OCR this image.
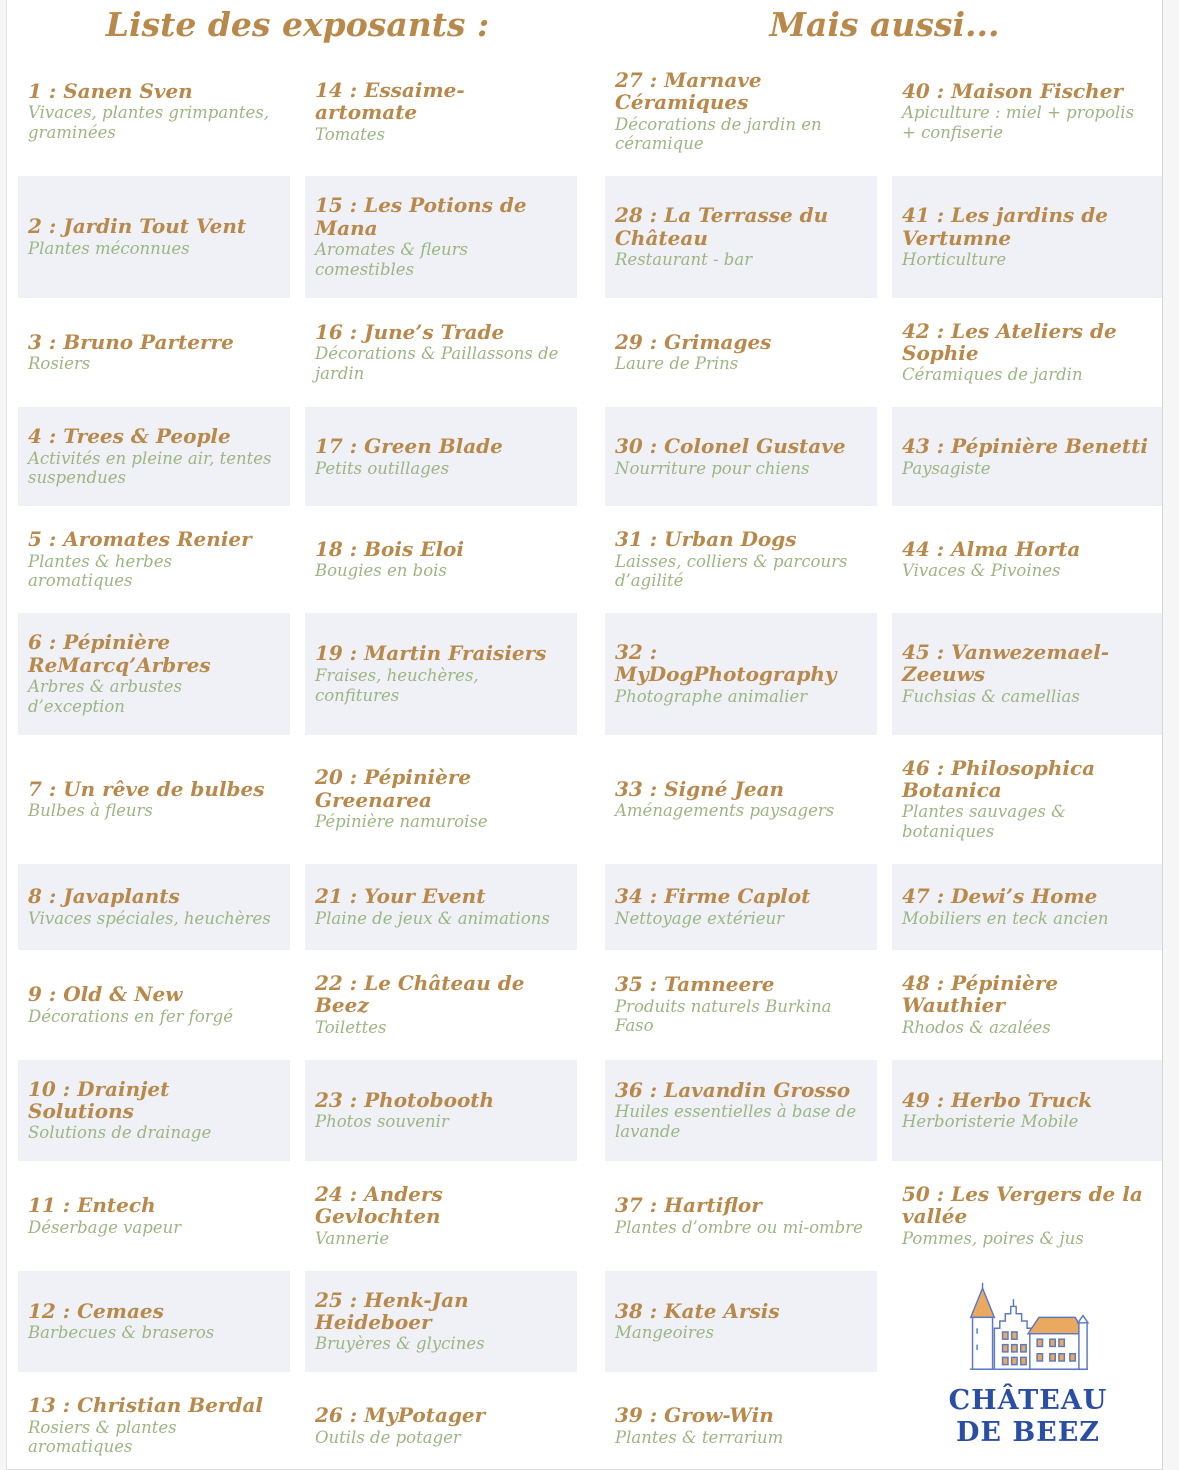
Liste des exposants :	Mais aussi...
CHÂTEAU
DE BEEZ
1 : Sanen Sven
Vivaces, plantes grimpantes, graminées
2 : Jardin Tout Vent
Plantes méconnues
3 : Bruno Parterre
Rosiers
4 : Trees & People
Activités en pleine air, tentes suspendues
5 : Aromates Renier
Plantes & herbes aromatiques
6 : Pépinière ReMarcq’Arbres
Arbres & arbustes d’exception
7 : Un rêve de bulbes
Bulbes à fleurs
8 : Javaplants
Vivaces spéciales, heuchères
9 : Old & New
Décorations en fer forgé
10 : Drainjet Solutions
Solutions de drainage
11 : Entech
Déserbage vapeur
12 : Cemaes
Barbecues & braseros
13 : Christian Berdal
Rosiers & plantes aromatiques
14 : Essaime-artomate
Tomates
15 : Les Potions de Mana
Aromates & fleurs comestibles
16 : June’s Trade
Décorations & Paillassons de jardin
17 : Green Blade
Petits outillages
18 : Bois Eloi
Bougies en bois
19 : Martin Fraisiers
Fraises, heuchères, confitures
20 : Pépinière Greenarea
Pépinière namuroise
21 : Your Event
Plaine de jeux & animations
22 : Le Château de Beez
Toilettes
23 : Photobooth
Photos souvenir
24 : Anders Gevlochten
Vannerie
25 : Henk-Jan Heideboer
Bruyères & glycines
26 : MyPotager
Outils de potager
27 : Marnave Céramiques
Décorations de jardin en céramique
28 : La Terrasse du Château
Restaurant - bar
29 : Grimages
Laure de Prins
30 : Colonel Gustave
Nourriture pour chiens
31 : Urban Dogs
Laisses, colliers & parcours d’agilité
32 : MyDogPhotography
Photographe animalier
33 : Signé Jean
Aménagements paysagers
34 : Firme Caplot
Nettoyage extérieur
35 : Tamneere
Produits naturels Burkina Faso
36 : Lavandin Grosso
Huiles essentielles à base de lavande
37 : Hartiflor
Plantes d’ombre ou mi-ombre
38 : Kate Arsis
Mangeoires
39 : Grow-Win
Plantes & terrarium
40 : Maison Fischer
Apiculture : miel + propolis + confiserie
41 : Les jardins de Vertumne
Horticulture
42 : Les Ateliers de Sophie
Céramiques de jardin
43 : Pépinière Benetti
Paysagiste
44 : Alma Horta
Vivaces & Pivoines
45 : Vanwezemael-Zeeuws
Fuchsias & camellias
46 : Philosophica Botanica
Plantes sauvages & botaniques
47 : Dewi’s Home
Mobiliers en teck ancien
48 : Pépinière Wauthier
Rhodos & azalées
49 : Herbo Truck
Herboristerie Mobile
50 : Les Vergers de la vallée
Pommes, poires & jus
